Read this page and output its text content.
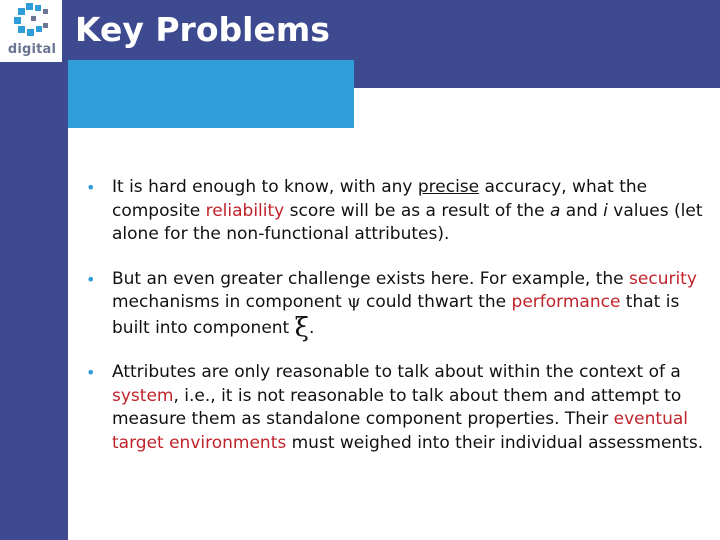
digital
Key Problems
• It is hard enough to know, with any precise accuracy, what the composite reliability score will be as a result of the a and i values (let alone for the non-functional attributes).
• But an even greater challenge exists here. For example, the security mechanisms in component ψ could thwart the performance that is built into component ξ.
• Attributes are only reasonable to talk about within the context of a system, i.e., it is not reasonable to talk about them and attempt to measure them as standalone component properties. Their eventual target environments must weighed into their individual assessments.
